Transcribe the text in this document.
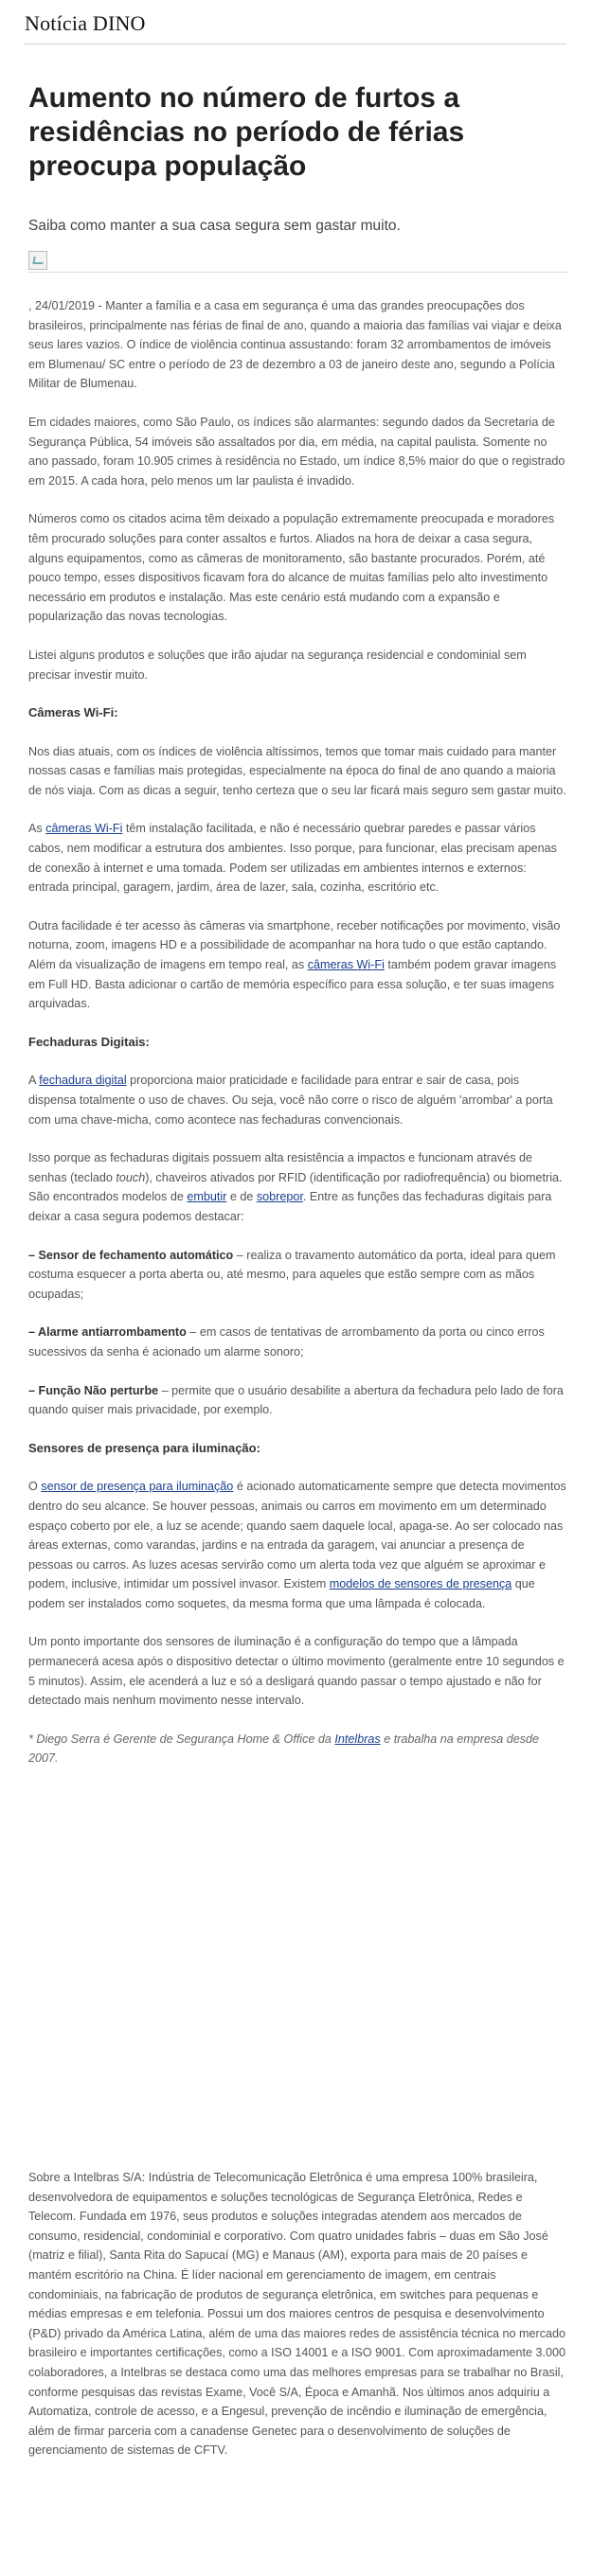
Notícia DINO
Aumento no número de furtos a residências no período de férias preocupa população
Saiba como manter a sua casa segura sem gastar muito.

, 24/01/2019 - Manter a família e a casa em segurança é uma das grandes preocupações dos brasileiros, principalmente nas férias de final de ano, quando a maioria das famílias vai viajar e deixa seus lares vazios. O índice de violência continua assustando: foram 32 arrombamentos de imóveis em Blumenau/ SC entre o período de 23 de dezembro a 03 de janeiro deste ano, segundo a Polícia Militar de Blumenau.

Em cidades maiores, como São Paulo, os índices são alarmantes: segundo dados da Secretaria de Segurança Pública, 54 imóveis são assaltados por dia, em média, na capital paulista. Somente no ano passado, foram 10.905 crimes à residência no Estado, um índice 8,5% maior do que o registrado em 2015. A cada hora, pelo menos um lar paulista é invadido.

Números como os citados acima têm deixado a população extremamente preocupada e moradores têm procurado soluções para conter assaltos e furtos. Aliados na hora de deixar a casa segura, alguns equipamentos, como as câmeras de monitoramento, são bastante procurados. Porém, até pouco tempo, esses dispositivos ficavam fora do alcance de muitas famílias pelo alto investimento necessário em produtos e instalação. Mas este cenário está mudando com a expansão e popularização das novas tecnologias.

Listei alguns produtos e soluções que irão ajudar na segurança residencial e condominial sem precisar investir muito.

Câmeras Wi-Fi:

Nos dias atuais, com os índices de violência altíssimos, temos que tomar mais cuidado para manter nossas casas e famílias mais protegidas, especialmente na época do final de ano quando a maioria de nós viaja. Com as dicas a seguir, tenho certeza que o seu lar ficará mais seguro sem gastar muito.

As câmeras Wi-Fi têm instalação facilitada, e não é necessário quebrar paredes e passar vários cabos, nem modificar a estrutura dos ambientes. Isso porque, para funcionar, elas precisam apenas de conexão à internet e uma tomada. Podem ser utilizadas em ambientes internos e externos: entrada principal, garagem, jardim, área de lazer, sala, cozinha, escritório etc.

Outra facilidade é ter acesso às câmeras via smartphone, receber notificações por movimento, visão noturna, zoom, imagens HD e a possibilidade de acompanhar na hora tudo o que estão captando. Além da visualização de imagens em tempo real, as câmeras Wi-Fi também podem gravar imagens em Full HD. Basta adicionar o cartão de memória específico para essa solução, e ter suas imagens arquivadas.

Fechaduras Digitais:

A fechadura digital proporciona maior praticidade e facilidade para entrar e sair de casa, pois dispensa totalmente o uso de chaves. Ou seja, você não corre o risco de alguém 'arrombar' a porta com uma chave-micha, como acontece nas fechaduras convencionais.

Isso porque as fechaduras digitais possuem alta resistência a impactos e funcionam através de senhas (teclado touch), chaveiros ativados por RFID (identificação por radiofrequência) ou biometria. São encontrados modelos de embutir e de sobrepor. Entre as funções das fechaduras digitais para deixar a casa segura podemos destacar:

– Sensor de fechamento automático – realiza o travamento automático da porta, ideal para quem costuma esquecer a porta aberta ou, até mesmo, para aqueles que estão sempre com as mãos ocupadas;

– Alarme antiarrombamento – em casos de tentativas de arrombamento da porta ou cinco erros sucessivos da senha é acionado um alarme sonoro;

– Função Não perturbe – permite que o usuário desabilite a abertura da fechadura pelo lado de fora quando quiser mais privacidade, por exemplo.

Sensores de presença para iluminação:

O sensor de presença para iluminação é acionado automaticamente sempre que detecta movimentos dentro do seu alcance. Se houver pessoas, animais ou carros em movimento em um determinado espaço coberto por ele, a luz se acende; quando saem daquele local, apaga-se. Ao ser colocado nas áreas externas, como varandas, jardins e na entrada da garagem, vai anunciar a presença de pessoas ou carros. As luzes acesas servirão como um alerta toda vez que alguém se aproximar e podem, inclusive, intimidar um possível invasor. Existem modelos de sensores de presença que podem ser instalados como soquetes, da mesma forma que uma lâmpada é colocada.

Um ponto importante dos sensores de iluminação é a configuração do tempo que a lâmpada permanecerá acesa após o dispositivo detectar o último movimento (geralmente entre 10 segundos e 5 minutos). Assim, ele acenderá a luz e só a desligará quando passar o tempo ajustado e não for detectado mais nenhum movimento nesse intervalo.

* Diego Serra é Gerente de Segurança Home & Office da Intelbras e trabalha na empresa desde 2007.

Sobre a Intelbras S/A: Indústria de Telecomunicação Eletrônica é uma empresa 100% brasileira, desenvolvedora de equipamentos e soluções tecnológicas de Segurança Eletrônica, Redes e Telecom. Fundada em 1976, seus produtos e soluções integradas atendem aos mercados de consumo, residencial, condominial e corporativo. Com quatro unidades fabris – duas em São José (matriz e filial), Santa Rita do Sapucaí (MG) e Manaus (AM), exporta para mais de 20 países e mantém escritório na China. É líder nacional em gerenciamento de imagem, em centrais condominiais, na fabricação de produtos de segurança eletrônica, em switches para pequenas e médias empresas e em telefonia. Possui um dos maiores centros de pesquisa e desenvolvimento (P&D) privado da América Latina, além de uma das maiores redes de assistência técnica no mercado brasileiro e importantes certificações, como a ISO 14001 e a ISO 9001. Com aproximadamente 3.000 colaboradores, a Intelbras se destaca como uma das melhores empresas para se trabalhar no Brasil, conforme pesquisas das revistas Exame, Você S/A, Época e Amanhã. Nos últimos anos adquiriu a Automatiza, controle de acesso, e a Engesul, prevenção de incêndio e iluminação de emergência, além de firmar parceria com a canadense Genetec para o desenvolvimento de soluções de gerenciamento de sistemas de CFTV.
